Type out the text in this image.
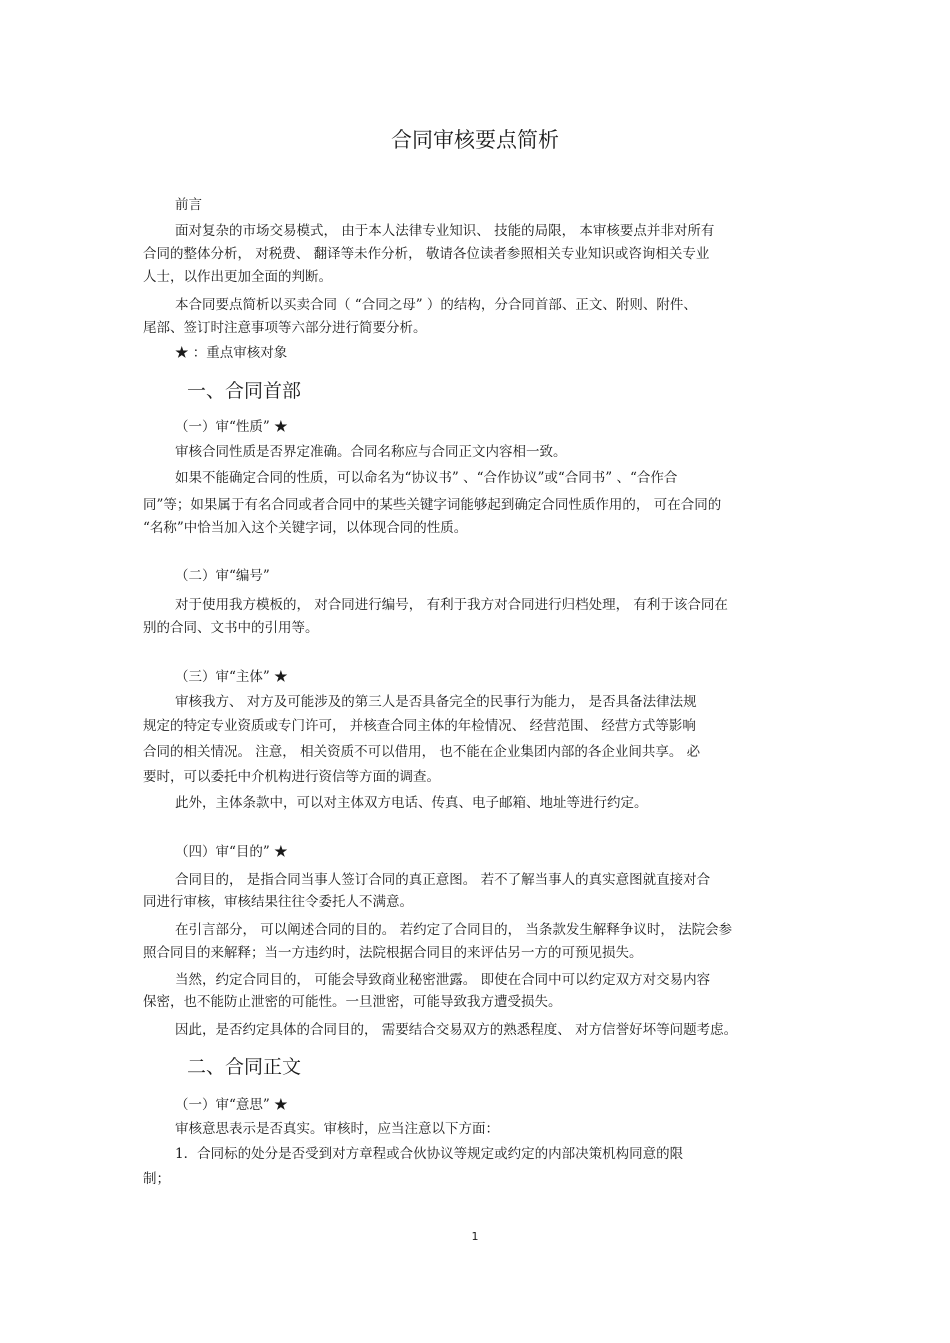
合同审核要点简析
1
前言
面对复杂的市场交易模式， 由于本人法律专业知识、 技能的局限， 本审核要点并非对所有
合同的整体分析， 对税费、 翻译等未作分析， 敬请各位读者参照相关专业知识或咨询相关专业
人士，以作出更加全面的判断。
本合同要点简析以买卖合同（ “合同之母” ）的结构，分合同首部、正文、附则、附件、
尾部、签订时注意事项等六部分进行简要分析。
★ ：重点审核对象
（一）审“性质” ★
审核合同性质是否界定准确。合同名称应与合同正文内容相一致。
如果不能确定合同的性质，可以命名为“协议书” 、“合作协议”或“合同书” 、“合作合
同”等；如果属于有名合同或者合同中的某些关键字词能够起到确定合同性质作用的， 可在合同的
“名称”中恰当加入这个关键字词，以体现合同的性质。
（二）审“编号”
对于使用我方模板的， 对合同进行编号， 有利于我方对合同进行归档处理， 有利于该合同在
别的合同、文书中的引用等。
（三）审“主体” ★
审核我方、 对方及可能涉及的第三人是否具备完全的民事行为能力， 是否具备法律法规
规定的特定专业资质或专门许可， 并核查合同主体的年检情况、 经营范围、 经营方式等影响
合同的相关情况。 注意， 相关资质不可以借用， 也不能在企业集团内部的各企业间共享。 必
要时，可以委托中介机构进行资信等方面的调查。
此外，主体条款中，可以对主体双方电话、传真、电子邮箱、地址等进行约定。
（四）审“目的” ★
合同目的， 是指合同当事人签订合同的真正意图。 若不了解当事人的真实意图就直接对合
同进行审核，审核结果往往令委托人不满意。
在引言部分， 可以阐述合同的目的。 若约定了合同目的， 当条款发生解释争议时， 法院会参
照合同目的来解释；当一方违约时，法院根据合同目的来评估另一方的可预见损失。
当然，约定合同目的， 可能会导致商业秘密泄露。 即使在合同中可以约定双方对交易内容
保密，也不能防止泄密的可能性。一旦泄密，可能导致我方遭受损失。
因此，是否约定具体的合同目的， 需要结合交易双方的熟悉程度、 对方信誉好坏等问题考虑。
（一）审“意思” ★
审核意思表示是否真实。审核时，应当注意以下方面：
1．合同标的处分是否受到对方章程或合伙协议等规定或约定的内部决策机构同意的限
制；
一、合同首部
二、合同正文
